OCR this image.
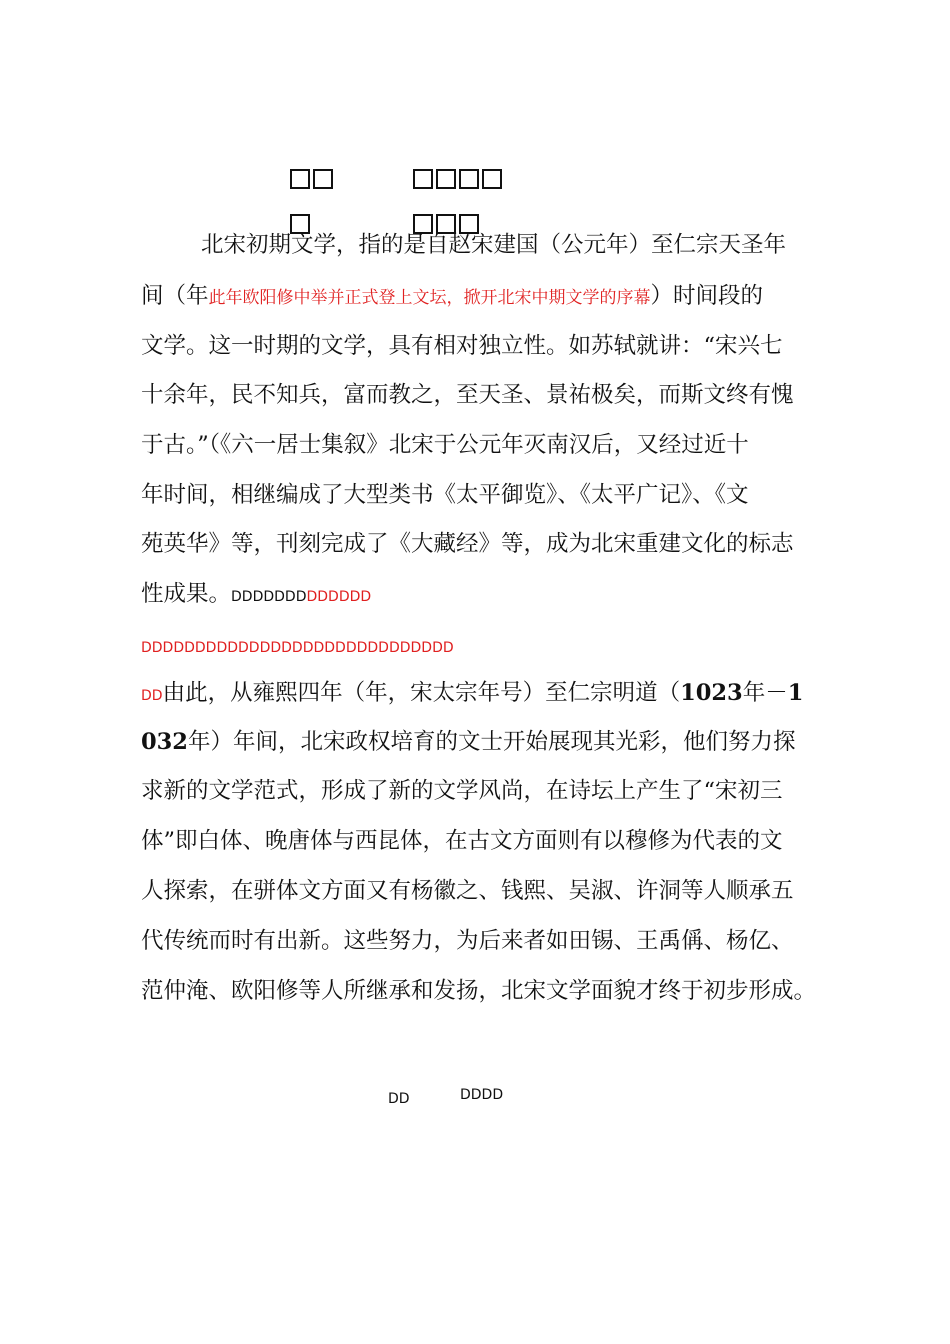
北宋初期文学，指的是自赵宋建国（公元年）至仁宗天圣年
间（年此年欧阳修中举并正式登上文坛，掀开北宋中期文学的序幕）时间段的
文学。这一时期的文学，具有相对独立性。如苏轼就讲：“宋兴七
十余年，民不知兵，富而教之，至天圣、景祐极矣，而斯文终有愧
于古。”（《六一居士集叙》北宋于公元年灭南汉后，又经过近十
年时间，相继编成了大型类书《太平御览》、《太平广记》、《文
苑英华》等，刊刻完成了《大藏经》等，成为北宋重建文化的标志
性成果。DDDDDDDDDDDDD
DDDDDDDDDDDDDDDDDDDDDDDDDDDDD
DD由此，从雍熙四年（年，宋太宗年号）至仁宗明道（1023年－1
032年）年间，北宋政权培育的文士开始展现其光彩，他们努力探
求新的文学范式，形成了新的文学风尚，在诗坛上产生了“宋初三
体”即白体、晚唐体与西昆体，在古文方面则有以穆修为代表的文
人探索，在骈体文方面又有杨徽之、钱熙、吴淑、许洞等人顺承五
代传统而时有出新。这些努力，为后来者如田锡、王禹偁、杨亿、
范仲淹、欧阳修等人所继承和发扬，北宋文学面貌才终于初步形成。
DD	DDDD
